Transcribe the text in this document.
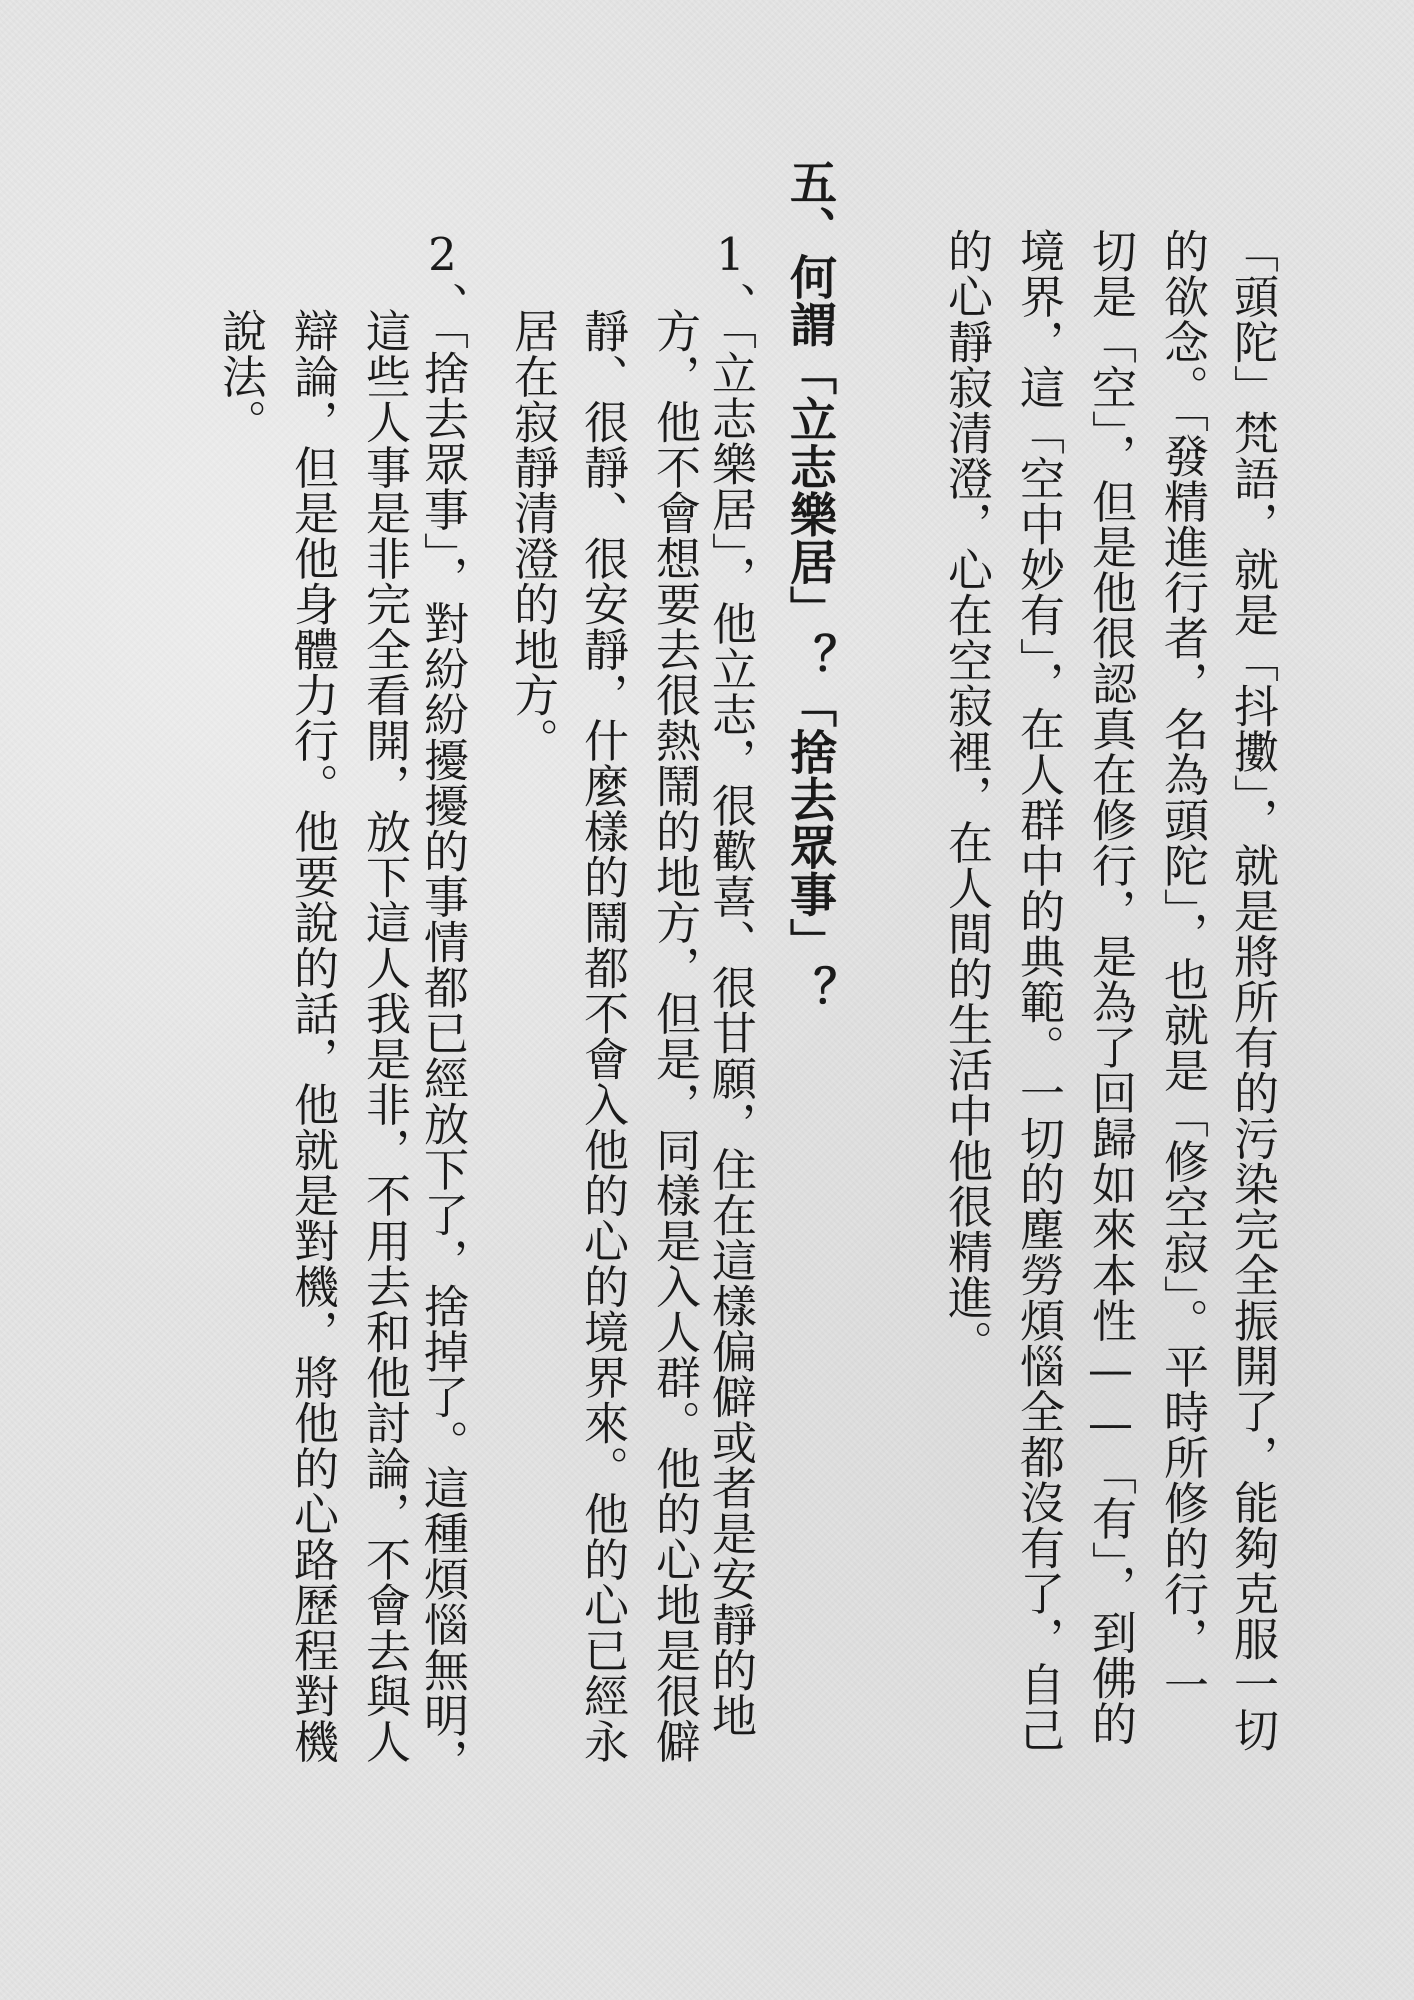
「頭陀」梵語，就是「抖擻」，就是將所有的污染完全振開了，能夠克服一切
的欲念。「發精進行者，名為頭陀」，也就是「修空寂」。平時所修的行，一
切是「空」，但是他很認真在修行，是為了回歸如來本性——「有」，到佛的
境界，這「空中妙有」，在人群中的典範。一切的塵勞煩惱全都沒有了，自己
的心靜寂清澄，心在空寂裡，在人間的生活中他很精進。
五、何謂「立志樂居」？「捨去眾事」？
1、「立志樂居」，他立志，很歡喜、很甘願，住在這樣偏僻或者是安靜的地
方，他不會想要去很熱鬧的地方，但是，同樣是入人群。他的心地是很僻
靜、很靜、很安靜，什麼樣的鬧都不會入他的心的境界來。他的心已經永
居在寂靜清澄的地方。
2、「捨去眾事」，對紛紛擾擾的事情都已經放下了，捨掉了。這種煩惱無明，
這些人事是非完全看開，放下這人我是非，不用去和他討論，不會去與人
辯論，但是他身體力行。他要說的話，他就是對機，將他的心路歷程對機
說法。
